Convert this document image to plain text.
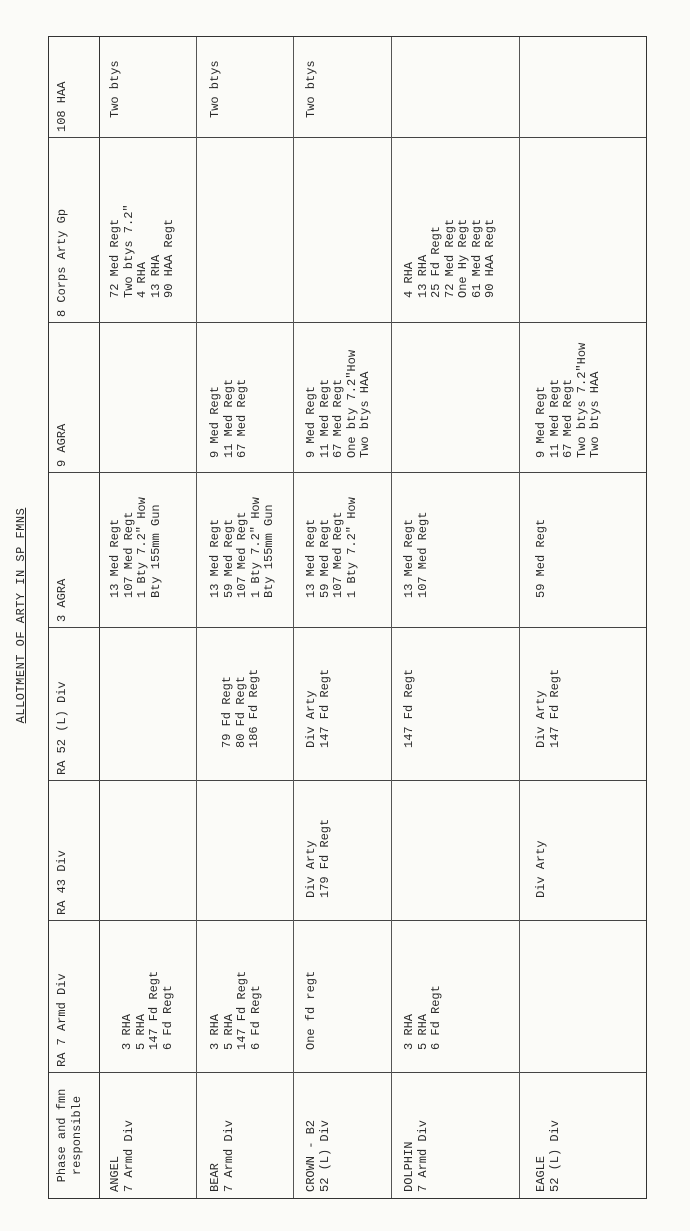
ALLOTMENT OF ARTY IN SP FMNS
Phase and fmn responsible
RA 7 Armd Div
RA 43 Div
RA 52 (L) Div
3 AGRA
9 AGRA
8 Corps Arty Gp
108 HAA
ANGEL 7 Armd Div
3 RHA 5 RHA 147 Fd Regt 6 Fd Regt
13 Med Regt 107 Med Regt 1 Bty 7.2" How Bty 155mm Gun
72 Med Regt Two btys 7.2" 4 RHA 13 RHA 90 HAA Regt
Two btys
BEAR 7 Armd Div
3 RHA 5 RHA 147 Fd Regt 6 Fd Regt
79 Fd Regt 80 Fd Regt 186 Fd Regt
13 Med Regt 59 Med Regt 107 Med Regt 1 Bty 7.2" How Bty 155mm Gun
9 Med Regt 11 Med Regt 67 Med Regt
Two btys
CROWN - B2 52 (L) Div
One fd regt
Div Arty 179 Fd Regt
Div Arty 147 Fd Regt
13 Med Regt 59 Med Regt 107 Med Regt 1 Bty 7.2" How
9 Med Regt 11 Med Regt 67 Med Regt One bty 7.2"How Two btys HAA
Two btys
DOLPHIN 7 Armd Div
3 RHA 5 RHA 6 Fd Regt
147 Fd Regt
13 Med Regt 107 Med Regt
4 RHA 13 RHA 25 Fd Regt 72 Med Regt One Hy Regt 61 Med Regt 90 HAA Regt
EAGLE 52 (L) Div
Div Arty
Div Arty 147 Fd Regt
59 Med Regt
9 Med Regt 11 Med Regt 67 Med Regt Two btys 7.2"How Two btys HAA
